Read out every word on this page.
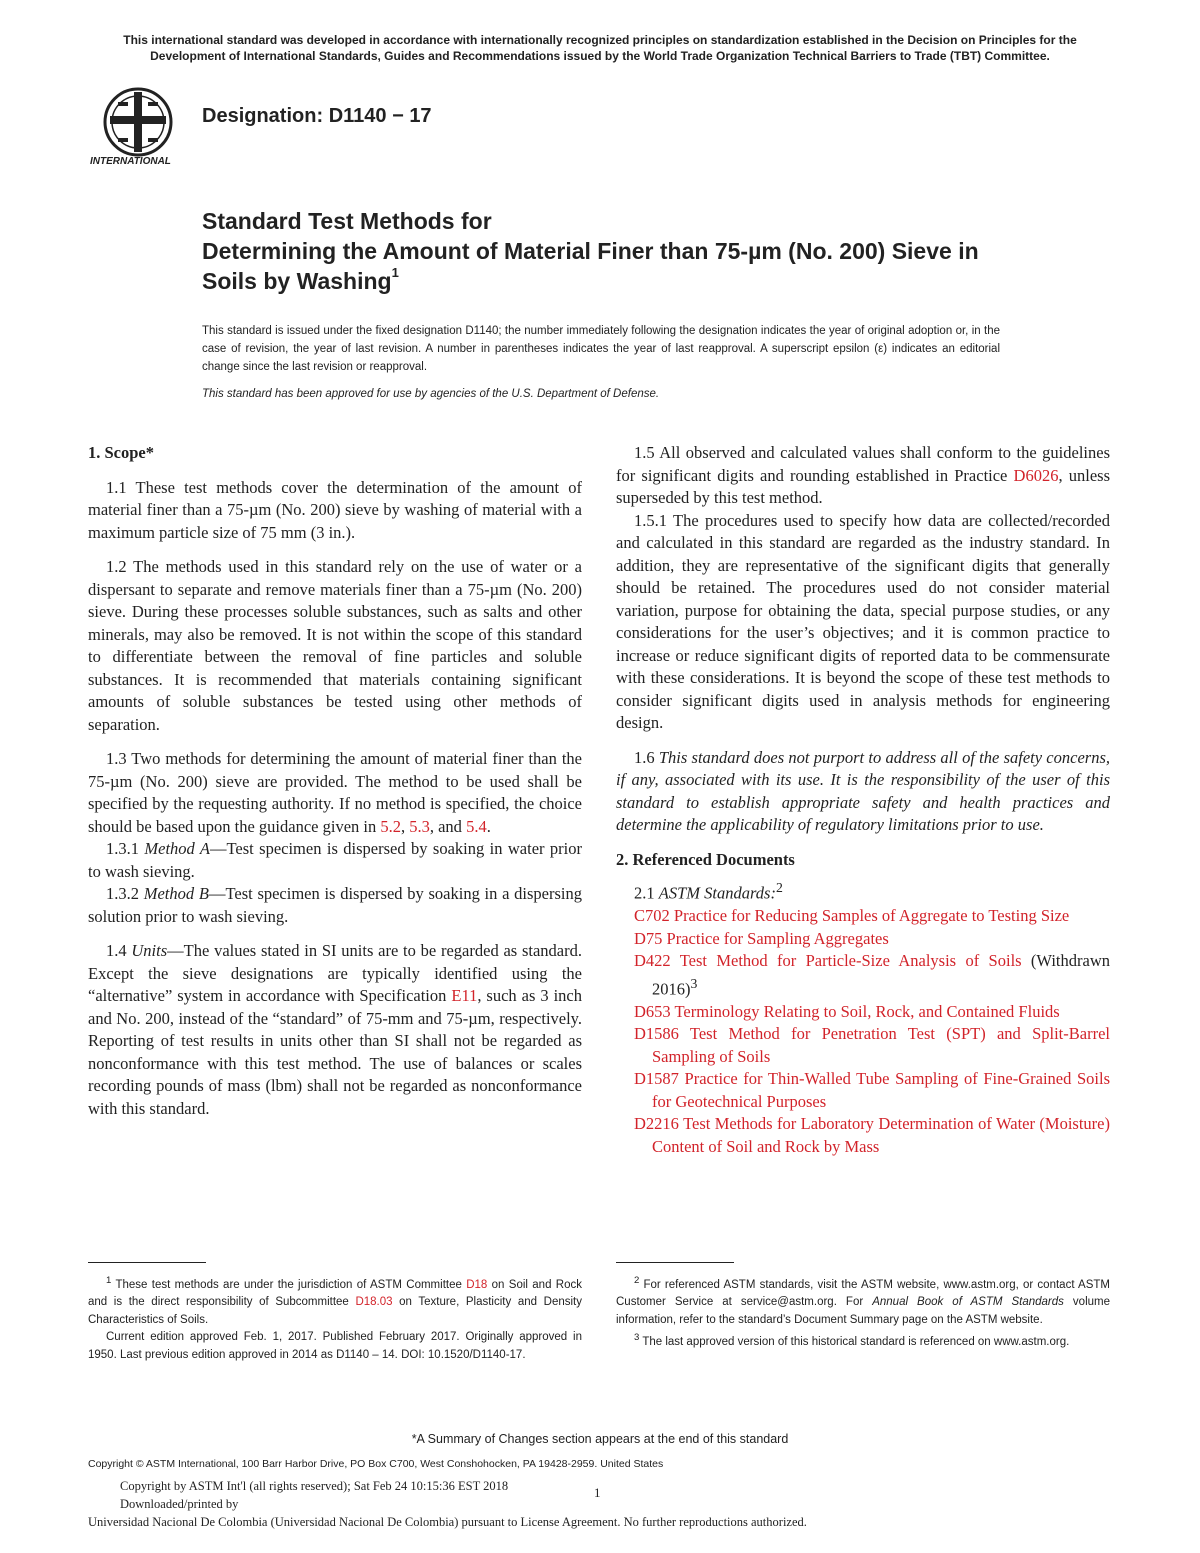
This international standard was developed in accordance with internationally recognized principles on standardization established in the Decision on Principles for the
Development of International Standards, Guides and Recommendations issued by the World Trade Organization Technical Barriers to Trade (TBT) Committee.
INTERNATIONAL
Designation: D1140 − 17
Standard Test Methods for
Determining the Amount of Material Finer than 75-µm (No. 200) Sieve in Soils by Washing$^1$
This standard is issued under the fixed designation D1140; the number immediately following the designation indicates the year of original adoption or, in the case of revision, the year of last revision. A number in parentheses indicates the year of last reapproval. A superscript epsilon (ε) indicates an editorial change since the last revision or reapproval.
This standard has been approved for use by agencies of the U.S. Department of Defense.
1. Scope*

1.1 These test methods cover the determination of the amount of material finer than a 75-µm (No. 200) sieve by washing of material with a maximum particle size of 75 mm (3 in.).

1.2 The methods used in this standard rely on the use of water or a dispersant to separate and remove materials finer than a 75-µm (No. 200) sieve. During these processes soluble substances, such as salts and other minerals, may also be removed. It is not within the scope of this standard to differentiate between the removal of fine particles and soluble substances. It is recommended that materials containing significant amounts of soluble substances be tested using other methods of separation.

1.3 Two methods for determining the amount of material finer than the 75-µm (No. 200) sieve are provided. The method to be used shall be specified by the requesting authority. If no method is specified, the choice should be based upon the guidance given in 5.2, 5.3, and 5.4.

1.3.1 Method A—Test specimen is dispersed by soaking in water prior to wash sieving.

1.3.2 Method B—Test specimen is dispersed by soaking in a dispersing solution prior to wash sieving.

1.4 Units—The values stated in SI units are to be regarded as standard. Except the sieve designations are typically identified using the “alternative” system in accordance with Specification E11, such as 3 inch and No. 200, instead of the “standard” of 75-mm and 75-µm, respectively. Reporting of test results in units other than SI shall not be regarded as nonconformance with this test method. The use of balances or scales recording pounds of mass (lbm) shall not be regarded as nonconformance with this standard.

1.5 All observed and calculated values shall conform to the guidelines for significant digits and rounding established in Practice D6026, unless superseded by this test method.

1.5.1 The procedures used to specify how data are collected/recorded and calculated in this standard are regarded as the industry standard. In addition, they are representative of the significant digits that generally should be retained. The procedures used do not consider material variation, purpose for obtaining the data, special purpose studies, or any considerations for the user’s objectives; and it is common practice to increase or reduce significant digits of reported data to be commensurate with these considerations. It is beyond the scope of these test methods to consider significant digits used in analysis methods for engineering design.

1.6 This standard does not purport to address all of the safety concerns, if any, associated with its use. It is the responsibility of the user of this standard to establish appropriate safety and health practices and determine the applicability of regulatory limitations prior to use.

2. Referenced Documents

2.1 ASTM Standards:$^2$

C702 Practice for Reducing Samples of Aggregate to Testing Size
D75 Practice for Sampling Aggregates
D422 Test Method for Particle-Size Analysis of Soils (Withdrawn 2016)$^3$
D653 Terminology Relating to Soil, Rock, and Contained Fluids
D1586 Test Method for Penetration Test (SPT) and Split-Barrel Sampling of Soils
D1587 Practice for Thin-Walled Tube Sampling of Fine-Grained Soils for Geotechnical Purposes
D2216 Test Methods for Laboratory Determination of Water (Moisture) Content of Soil and Rock by Mass

$^1$ These test methods are under the jurisdiction of ASTM Committee D18 on Soil and Rock and is the direct responsibility of Subcommittee D18.03 on Texture, Plasticity and Density Characteristics of Soils.

Current edition approved Feb. 1, 2017. Published February 2017. Originally approved in 1950. Last previous edition approved in 2014 as D1140 – 14. DOI: 10.1520/D1140-17.

$^2$ For referenced ASTM standards, visit the ASTM website, www.astm.org, or contact ASTM Customer Service at service@astm.org. For Annual Book of ASTM Standards volume information, refer to the standard’s Document Summary page on the ASTM website.

$^3$ The last approved version of this historical standard is referenced on www.astm.org.

*A Summary of Changes section appears at the end of this standard
Copyright © ASTM International, 100 Barr Harbor Drive, PO Box C700, West Conshohocken, PA 19428-2959. United States
Copyright by ASTM Int'l (all rights reserved); Sat Feb 24 10:15:36 EST 2018
Downloaded/printed by
Universidad Nacional De Colombia (Universidad Nacional De Colombia) pursuant to License Agreement. No further reproductions authorized.
1
